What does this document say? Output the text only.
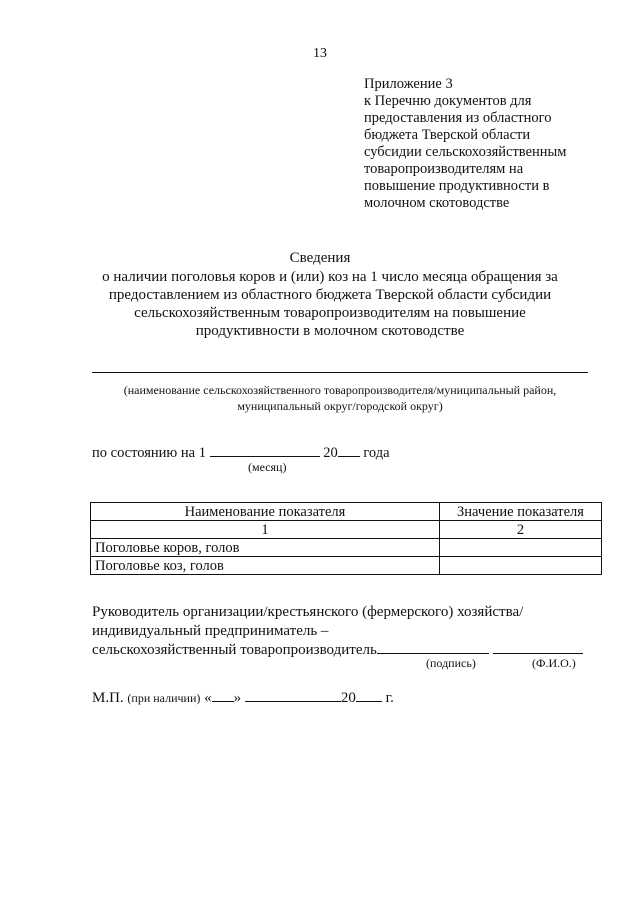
13
Приложение 3
к Перечню документов для
предоставления из областного
бюджета Тверской области
субсидии сельскохозяйственным
товаропроизводителям на
повышение продуктивности в
молочном скотоводстве
Сведения
о наличии поголовья коров и (или) коз на 1 число месяца обращения за
предоставлением из областного бюджета Тверской области субсидии
сельскохозяйственным товаропроизводителям на повышение
продуктивности в молочном скотоводстве
(наименование сельскохозяйственного товаропроизводителя/муниципальный район,
муниципальный округ/городской округ)
по состоянию на 1	20 года
(месяц)
Наименование показателя	Значение показателя
1	2
Поголовье коров, голов	
Поголовье коз, голов	
Руководитель организации/крестьянского (фермерского) хозяйства/
индивидуальный предприниматель –
сельскохозяйственный товаропроизводитель
(подпись)	(Ф.И.О.)
М.П. (при наличии) « »	20 г.
